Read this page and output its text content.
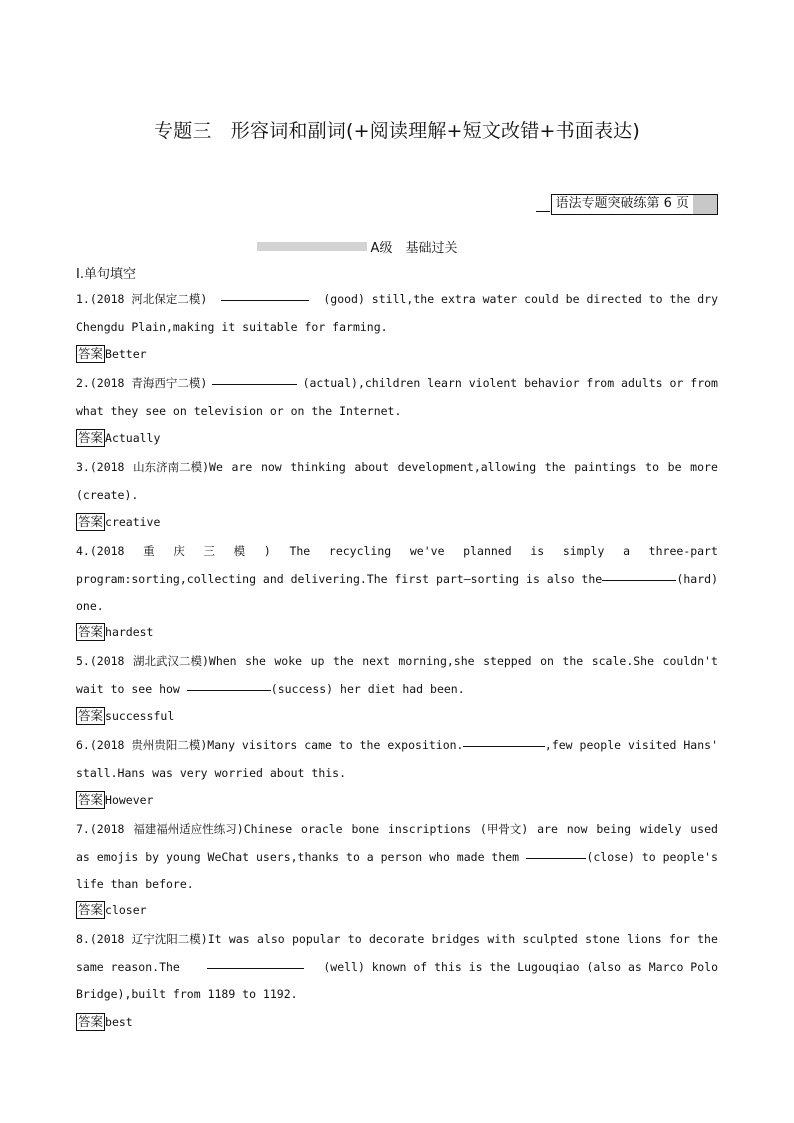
专题三　形容词和副词(+阅读理解+短文改错+书面表达)
语法专题突破练第 6 页
A级　基础过关
Ⅰ.单句填空
1.(2018 河北保定二模)	(good) still,the extra water could be directed to the dry
Chengdu Plain,making it suitable for farming.
答案 Better
2.(2018 青海西宁二模)	(actual),children learn violent behavior from adults or from
what they see on television or on the Internet.
答案 Actually
3.(2018 山东济南二模)We are now thinking about development,allowing the paintings to be more
(create).
答案 creative
4.(2018 重 庆 三 模 ) The recycling we've planned is simply a three-part
program:sorting,collecting and delivering.The first part—sorting is also the	(hard)
one.
答案 hardest
5.(2018 湖北武汉二模)When she woke up the next morning,she stepped on the scale.She couldn't
wait to see how	(success) her diet had been.
答案 successful
6.(2018 贵州贵阳二模)Many visitors came to the exposition.	,few people visited Hans'
stall.Hans was very worried about this.
答案 However
7.(2018 福建福州适应性练习)Chinese oracle bone inscriptions (甲骨文) are now being widely used
as emojis by young WeChat users,thanks to a person who made them	(close) to people's
life than before.
答案 closer
8.(2018 辽宁沈阳二模)It was also popular to decorate bridges with sculpted stone lions for the
same reason.The	(well) known of this is the Lugouqiao (also as Marco Polo
Bridge),built from 1189 to 1192.
答案 best
